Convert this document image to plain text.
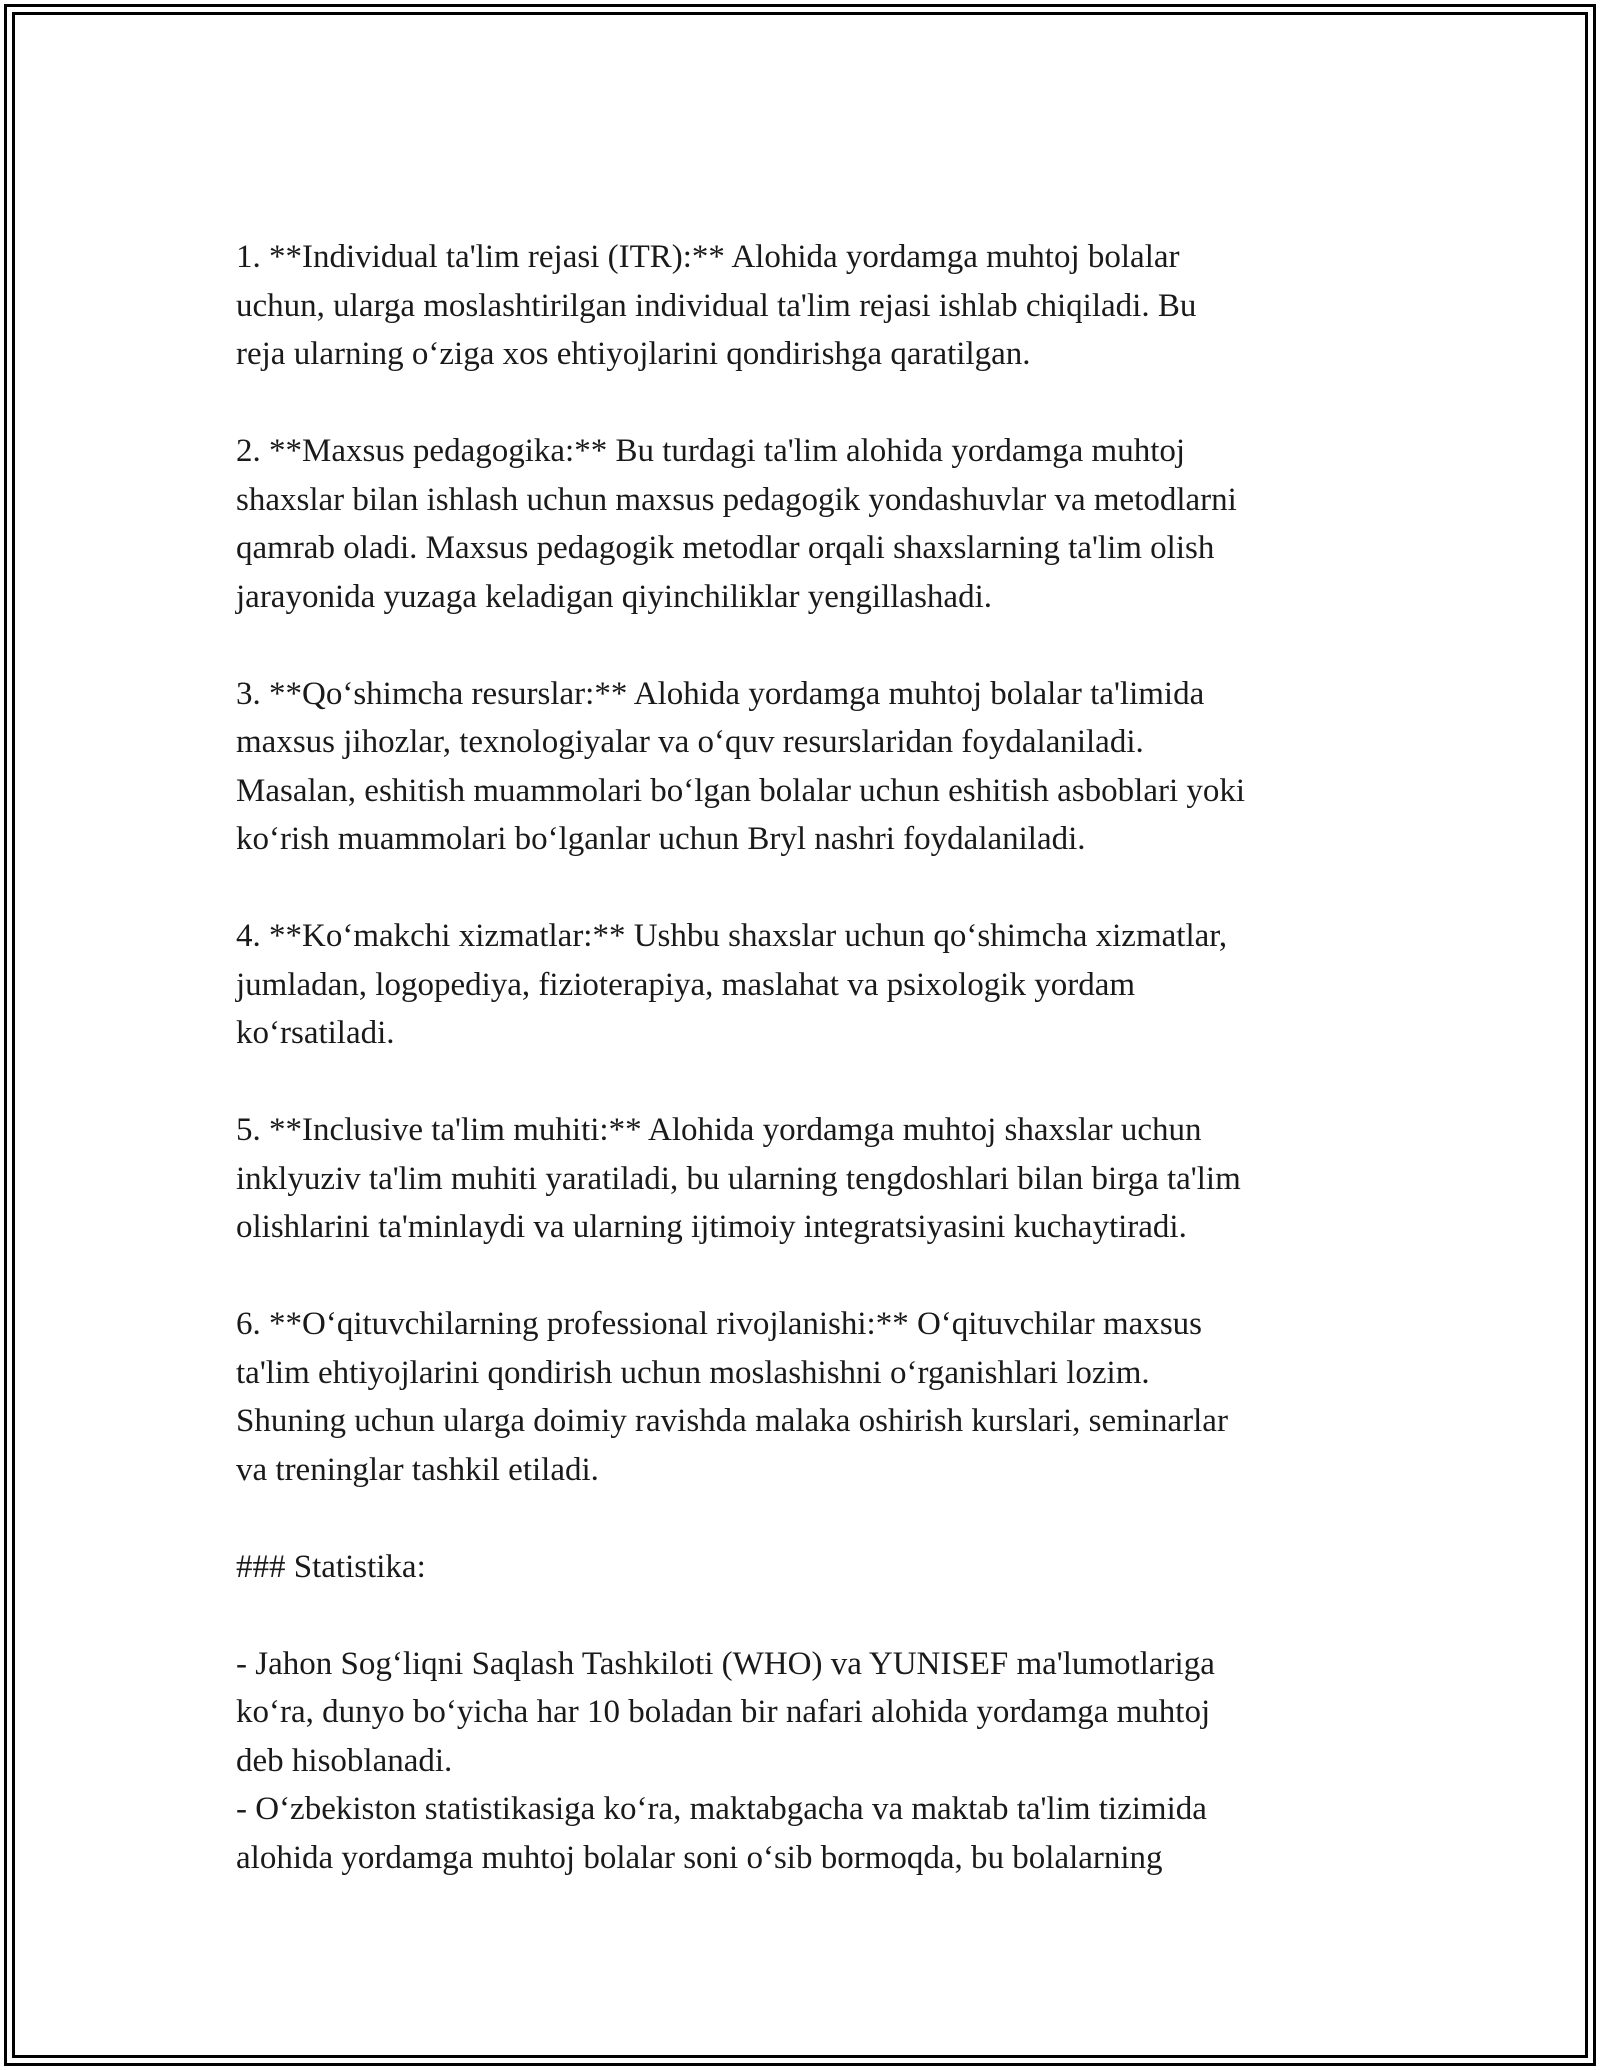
1. **Individual ta'lim rejasi (ITR):** Alohida yordamga muhtoj bolalar
uchun, ularga moslashtirilgan individual ta'lim rejasi ishlab chiqiladi. Bu
reja ularning o‘ziga xos ehtiyojlarini qondirishga qaratilgan.

2. **Maxsus pedagogika:** Bu turdagi ta'lim alohida yordamga muhtoj
shaxslar bilan ishlash uchun maxsus pedagogik yondashuvlar va metodlarni
qamrab oladi. Maxsus pedagogik metodlar orqali shaxslarning ta'lim olish
jarayonida yuzaga keladigan qiyinchiliklar yengillashadi.

3. **Qo‘shimcha resurslar:** Alohida yordamga muhtoj bolalar ta'limida
maxsus jihozlar, texnologiyalar va o‘quv resurslaridan foydalaniladi.
Masalan, eshitish muammolari bo‘lgan bolalar uchun eshitish asboblari yoki
ko‘rish muammolari bo‘lganlar uchun Bryl nashri foydalaniladi.

4. **Ko‘makchi xizmatlar:** Ushbu shaxslar uchun qo‘shimcha xizmatlar,
jumladan, logopediya, fizioterapiya, maslahat va psixologik yordam
ko‘rsatiladi.

5. **Inclusive ta'lim muhiti:** Alohida yordamga muhtoj shaxslar uchun
inklyuziv ta'lim muhiti yaratiladi, bu ularning tengdoshlari bilan birga ta'lim
olishlarini ta'minlaydi va ularning ijtimoiy integratsiyasini kuchaytiradi.

6. **O‘qituvchilarning professional rivojlanishi:** O‘qituvchilar maxsus
ta'lim ehtiyojlarini qondirish uchun moslashishni o‘rganishlari lozim.
Shuning uchun ularga doimiy ravishda malaka oshirish kurslari, seminarlar
va treninglar tashkil etiladi.

### Statistika:

- Jahon Sog‘liqni Saqlash Tashkiloti (WHO) va YUNISEF ma'lumotlariga
ko‘ra, dunyo bo‘yicha har 10 boladan bir nafari alohida yordamga muhtoj
deb hisoblanadi.

- O‘zbekiston statistikasiga ko‘ra, maktabgacha va maktab ta'lim tizimida
alohida yordamga muhtoj bolalar soni o‘sib bormoqda, bu bolalarning
